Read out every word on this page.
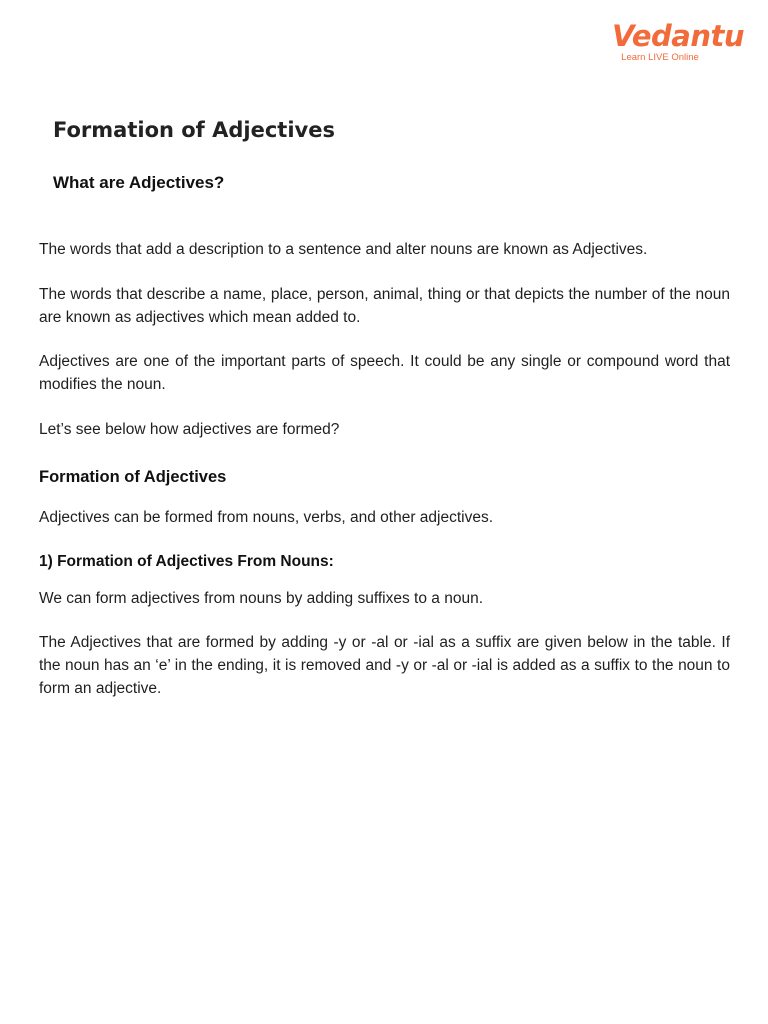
Vedantu
Learn LIVE Online
Formation of Adjectives
What are Adjectives?

The words that add a description to a sentence and alter nouns are known as Adjectives.

The words that describe a name, place, person, animal, thing or that depicts the number of the noun are known as adjectives which mean added to.

Adjectives are one of the important parts of speech. It could be any single or compound word that modifies the noun.

Let’s see below how adjectives are formed?

Formation of Adjectives

Adjectives can be formed from nouns, verbs, and other adjectives.

1) Formation of Adjectives From Nouns:

We can form adjectives from nouns by adding suffixes to a noun.

The Adjectives that are formed by adding -y or -al or -ial as a suffix are given below in the table. If the noun has an ‘e’ in the ending, it is removed and -y or -al or -ial is added as a suffix to the noun to form an adjective.
